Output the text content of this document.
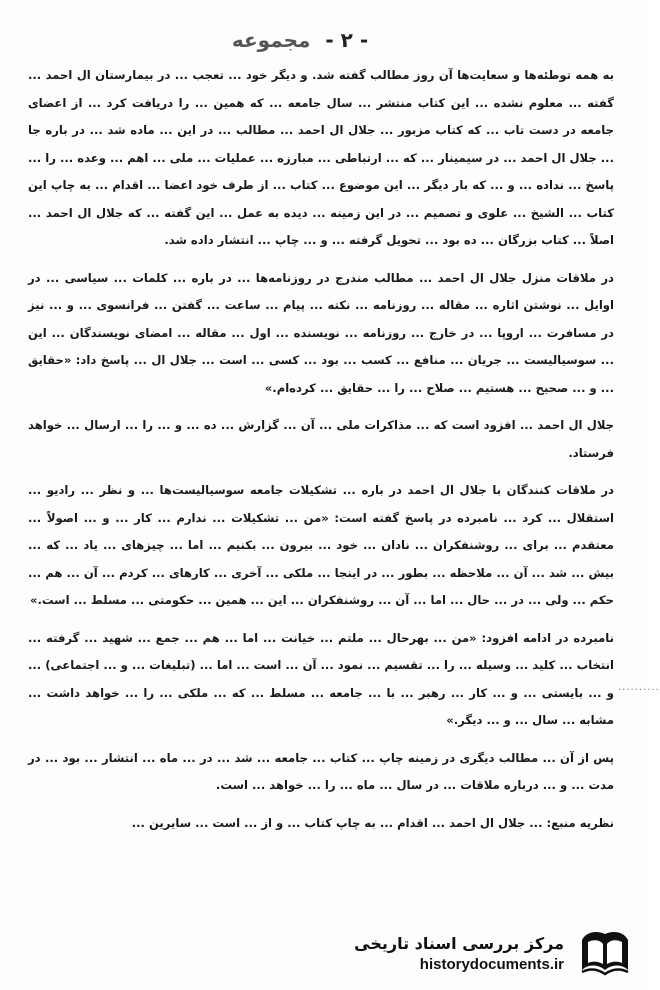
- ٢ - مجموعه

به همه توطئه‌ها و سعایت‌ها آن روز مطالب گفته شد. و دیگر خود ... تعجب ... در بیمارستان ال احمد ... گفته ... معلوم نشده ... این کتاب منتشر ... سال جامعه ... که همین ... را دریافت کرد ... از اعضای جامعه در دست تاب ... که کتاب مزبور ... جلال ال احمد ... مطالب ... در این ... ماده شد ... در باره جا ... جلال ال احمد ... در سیمینار ... که ... ارتباطی ... مبارزه ... عملیات ... ملی ... اهم ... وعده ... را ... پاسخ ... نداده ... و ... که بار دیگر ... این موضوع ... کتاب ... از طرف خود اعضا ... اقدام ... به چاپ این کتاب ... الشیخ ... علوی و تصمیم ... در این زمینه ... دیده به عمل ... این گفته ... که جلال ال احمد ... اصلاً ... کتاب بزرگان ... ده بود ... تحویل گرفته ... و ... چاپ ... انتشار داده شد.

در ملاقات منزل جلال ال احمد ... مطالب مندرج در روزنامه‌ها ... در باره ... کلمات ... سیاسی ... در اوایل ... نوشتن اثاره ... مقاله ... روزنامه ... نکته ... پیام ... ساعت ... گفتن ... فرانسوی ... و ... نیز در مسافرت ... اروپا ... در خارج ... روزنامه ... نویسنده ... اول ... مقاله ... امضای نویسندگان ... این ... سوسیالیست ... جریان ... منافع ... کسب ... بود ... کسی ... است ... جلال ال ... پاسخ داد: «حقایق ... و ... صحیح ... هستیم ... صلاح ... را ... حقایق ... کرده‌ام.»

جلال ال احمد ... افزود است که ... مذاکرات ملی ... آن ... گزارش ... ده ... و ... را ... ارسال ... خواهد فرستاد.

در ملاقات کنندگان با جلال ال احمد در باره ... تشکیلات جامعه سوسیالیست‌ها ... و نظر ... رادیو ... استقلال ... کرد ... نامبرده در پاسخ گفته است: «من ... تشکیلات ... ندارم ... کار ... و ... اصولاً ... معتقدم ... برای ... روشنفکران ... نادان ... خود ... بیرون ... بکنیم ... اما ... چیزهای ... یاد ... که ... بیش ... شد ... آن ... ملاحظه ... بطور ... در اینجا ... ملکی ... آخری ... کارهای ... کردم ... آن ... هم ... حکم ... ولی ... در ... حال ... اما ... آن ... روشنفکران ... این ... همین ... حکومتی ... مسلط ... است.»

نامبرده در ادامه افزود: «من ... بهرحال ... ملتم ... خیانت ... اما ... هم ... جمع ... شهید ... گرفته ... انتخاب ... کلید ... وسیله ... را ... تقسیم ... نمود ... آن ... است ... اما ... (تبلیغات ... و ... اجتماعی) ... و ... بایستی ... و ... کار ... رهبر ... با ... جامعه ... مسلط ... که ... ملکی ... را ... خواهد داشت ... مشابه ... سال ... و ... دیگر.»

پس از آن ... مطالب دیگری در زمینه چاپ ... کتاب ... جامعه ... شد ... در ... ماه ... انتشار ... بود ... در مدت ... و ... درباره ملاقات ... در سال ... ماه ... را ... خواهد ... است.

نظریه منبع: ... جلال ال احمد ... اقدام ... به چاپ کتاب ... و از ... است ... سایرین ...

..........
مرکز بررسی اسناد تاریخی
historydocuments.ir
